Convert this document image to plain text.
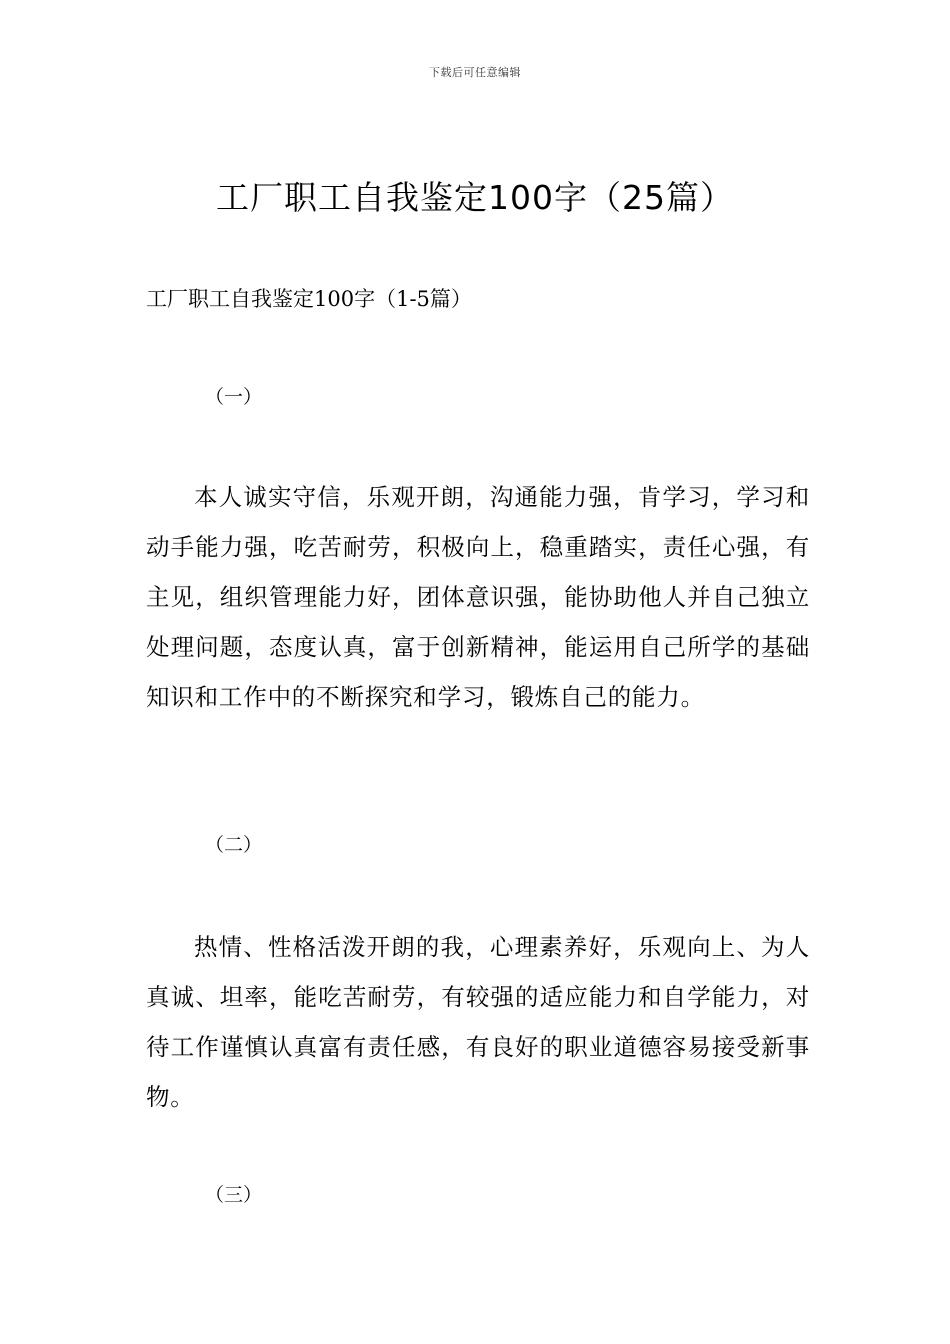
下载后可任意编辑
工厂职工自我鉴定100字（25篇）
工厂职工自我鉴定100字（1-5篇）
（一）
本人诚实守信，乐观开朗，沟通能力强，肯学习，学习和动手能力强，吃苦耐劳，积极向上，稳重踏实，责任心强，有主见，组织管理能力好，团体意识强，能协助他人并自己独立处理问题，态度认真，富于创新精神，能运用自己所学的基础知识和工作中的不断探究和学习，锻炼自己的能力。
（二）
热情、性格活泼开朗的我，心理素养好，乐观向上、为人真诚、坦率，能吃苦耐劳，有较强的适应能力和自学能力，对待工作谨慎认真富有责任感，有良好的职业道德容易接受新事物。
（三）
